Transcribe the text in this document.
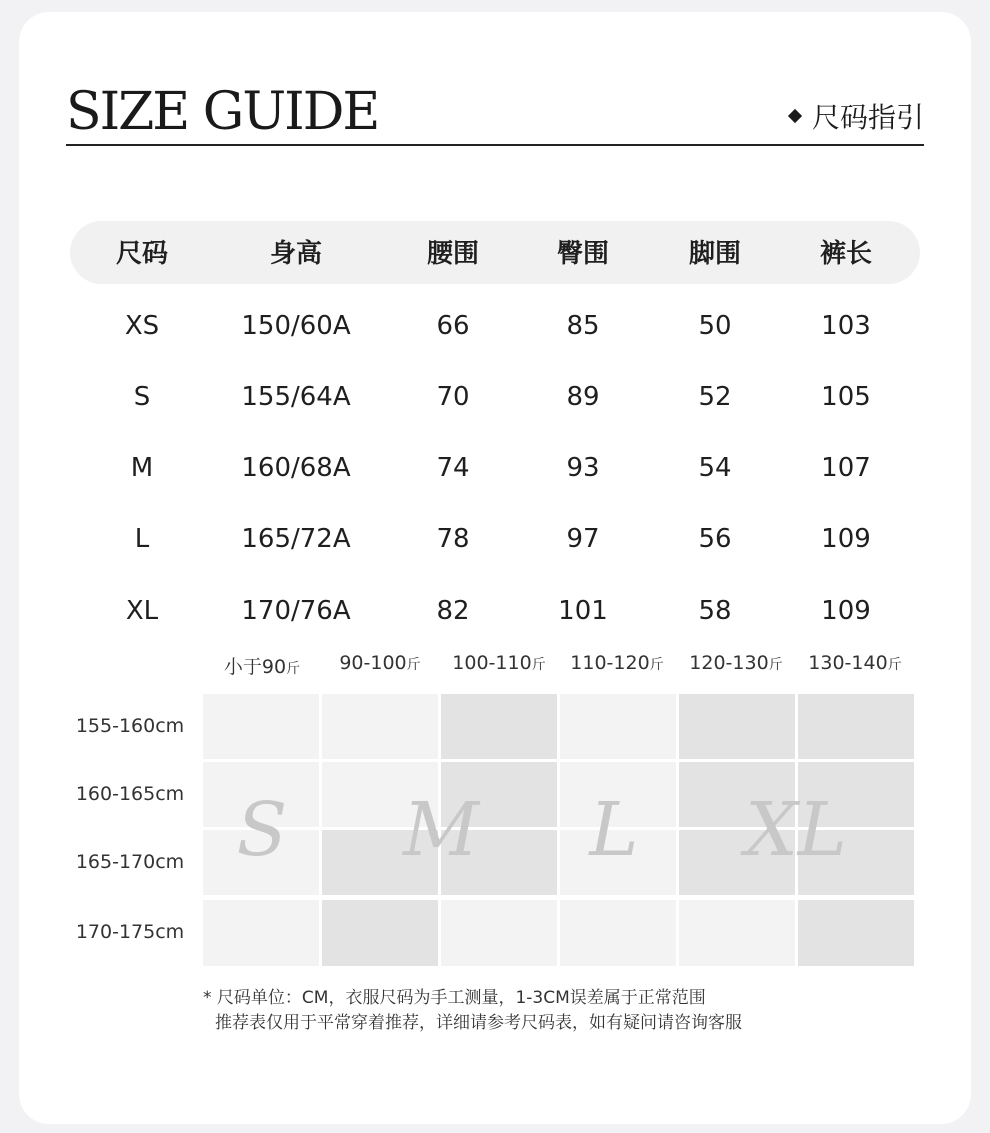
SIZE GUIDE	尺码指引
尺码	身高	腰围	臀围	脚围	裤长
XS	150/60A	66	85	50	103
S	155/64A	70	89	52	105
M	160/68A	74	93	54	107
L	165/72A	78	97	56	109
XL	170/76A	82	101	58	109
小于90斤	90-100斤	100-110斤	110-120斤	120-130斤	130-140斤
155-160cm
160-165cm
165-170cm
170-175cm
S	M	L	XL
* 尺码单位：CM，衣服尺码为手工测量，1-3CM误差属于正常范围
推荐表仅用于平常穿着推荐，详细请参考尺码表，如有疑问请咨询客服
